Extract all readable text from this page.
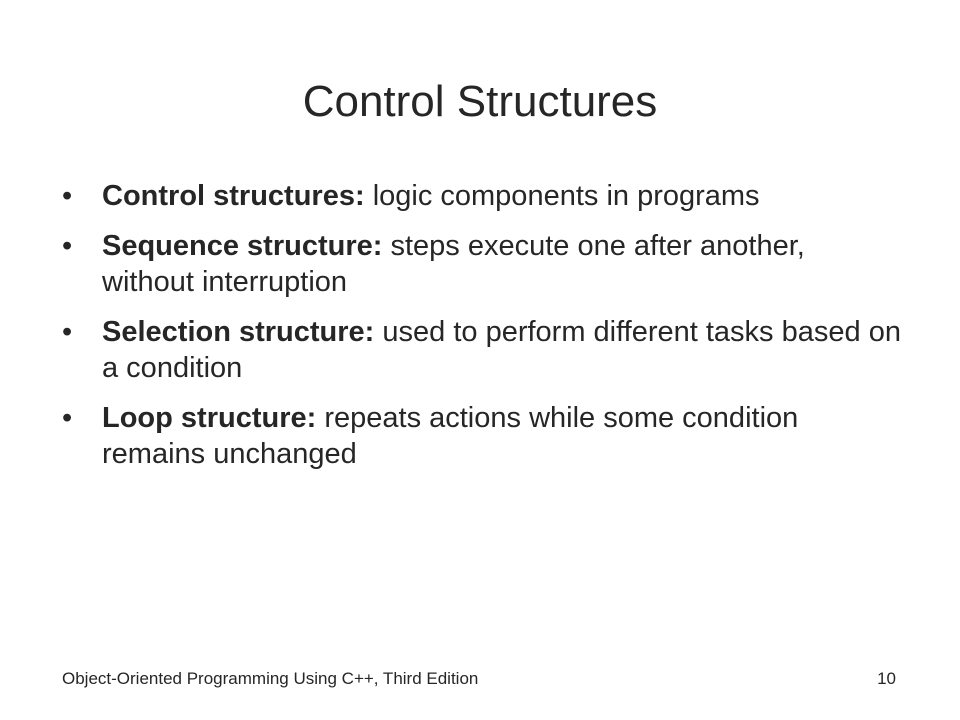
Control Structures
•	Control structures: logic components in programs
•	Sequence structure: steps execute one after another, without interruption
•	Selection structure: used to perform different tasks based on a condition
•	Loop structure: repeats actions while some condition remains unchanged
Object-Oriented Programming Using C++, Third Edition	10
